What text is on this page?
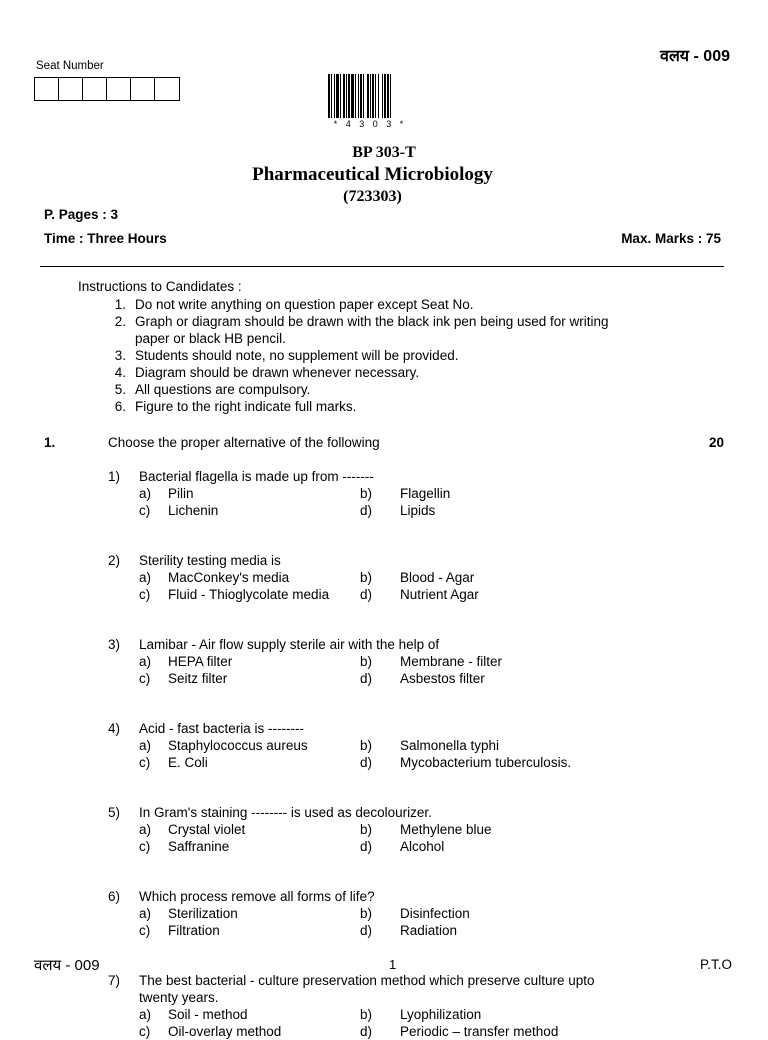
वलय - 009
Seat Number
* 4 3 0 3 *
BP 303-T
Pharmaceutical Microbiology
(723303)
P. Pages : 3
Time : Three Hours	Max. Marks : 75
Instructions to Candidates :
1. Do not write anything on question paper except Seat No.
2. Graph or diagram should be drawn with the black ink pen being used for writing
paper or black HB pencil.
3. Students should note, no supplement will be provided.
4. Diagram should be drawn whenever necessary.
5. All questions are compulsory.
6. Figure to the right indicate full marks.
1.	Choose the proper alternative of the following	20
1) Bacterial flagella is made up from -------
a) Pilin	b) Flagellin
c) Lichenin	d) Lipids
2) Sterility testing media is
a) MacConkey's media	b) Blood - Agar
c) Fluid - Thioglycolate media d) Nutrient Agar
3) Lamibar - Air flow supply sterile air with the help of
a) HEPA filter	b) Membrane - filter
c) Seitz filter	d) Asbestos filter
4) Acid - fast bacteria is --------
a) Staphylococcus aureus	b) Salmonella typhi
c) E. Coli	d) Mycobacterium tuberculosis.
5) In Gram's staining -------- is used as decolourizer.
a) Crystal violet	b) Methylene blue
c) Saffranine	d) Alcohol
6) Which process remove all forms of life?
a) Sterilization	b) Disinfection
c) Filtration	d) Radiation
7) The best bacterial - culture preservation method which preserve culture upto
twenty years.
a) Soil - method	b) Lyophilization
c) Oil-overlay method	d) Periodic – transfer method
वलय - 009	1	P.T.O
